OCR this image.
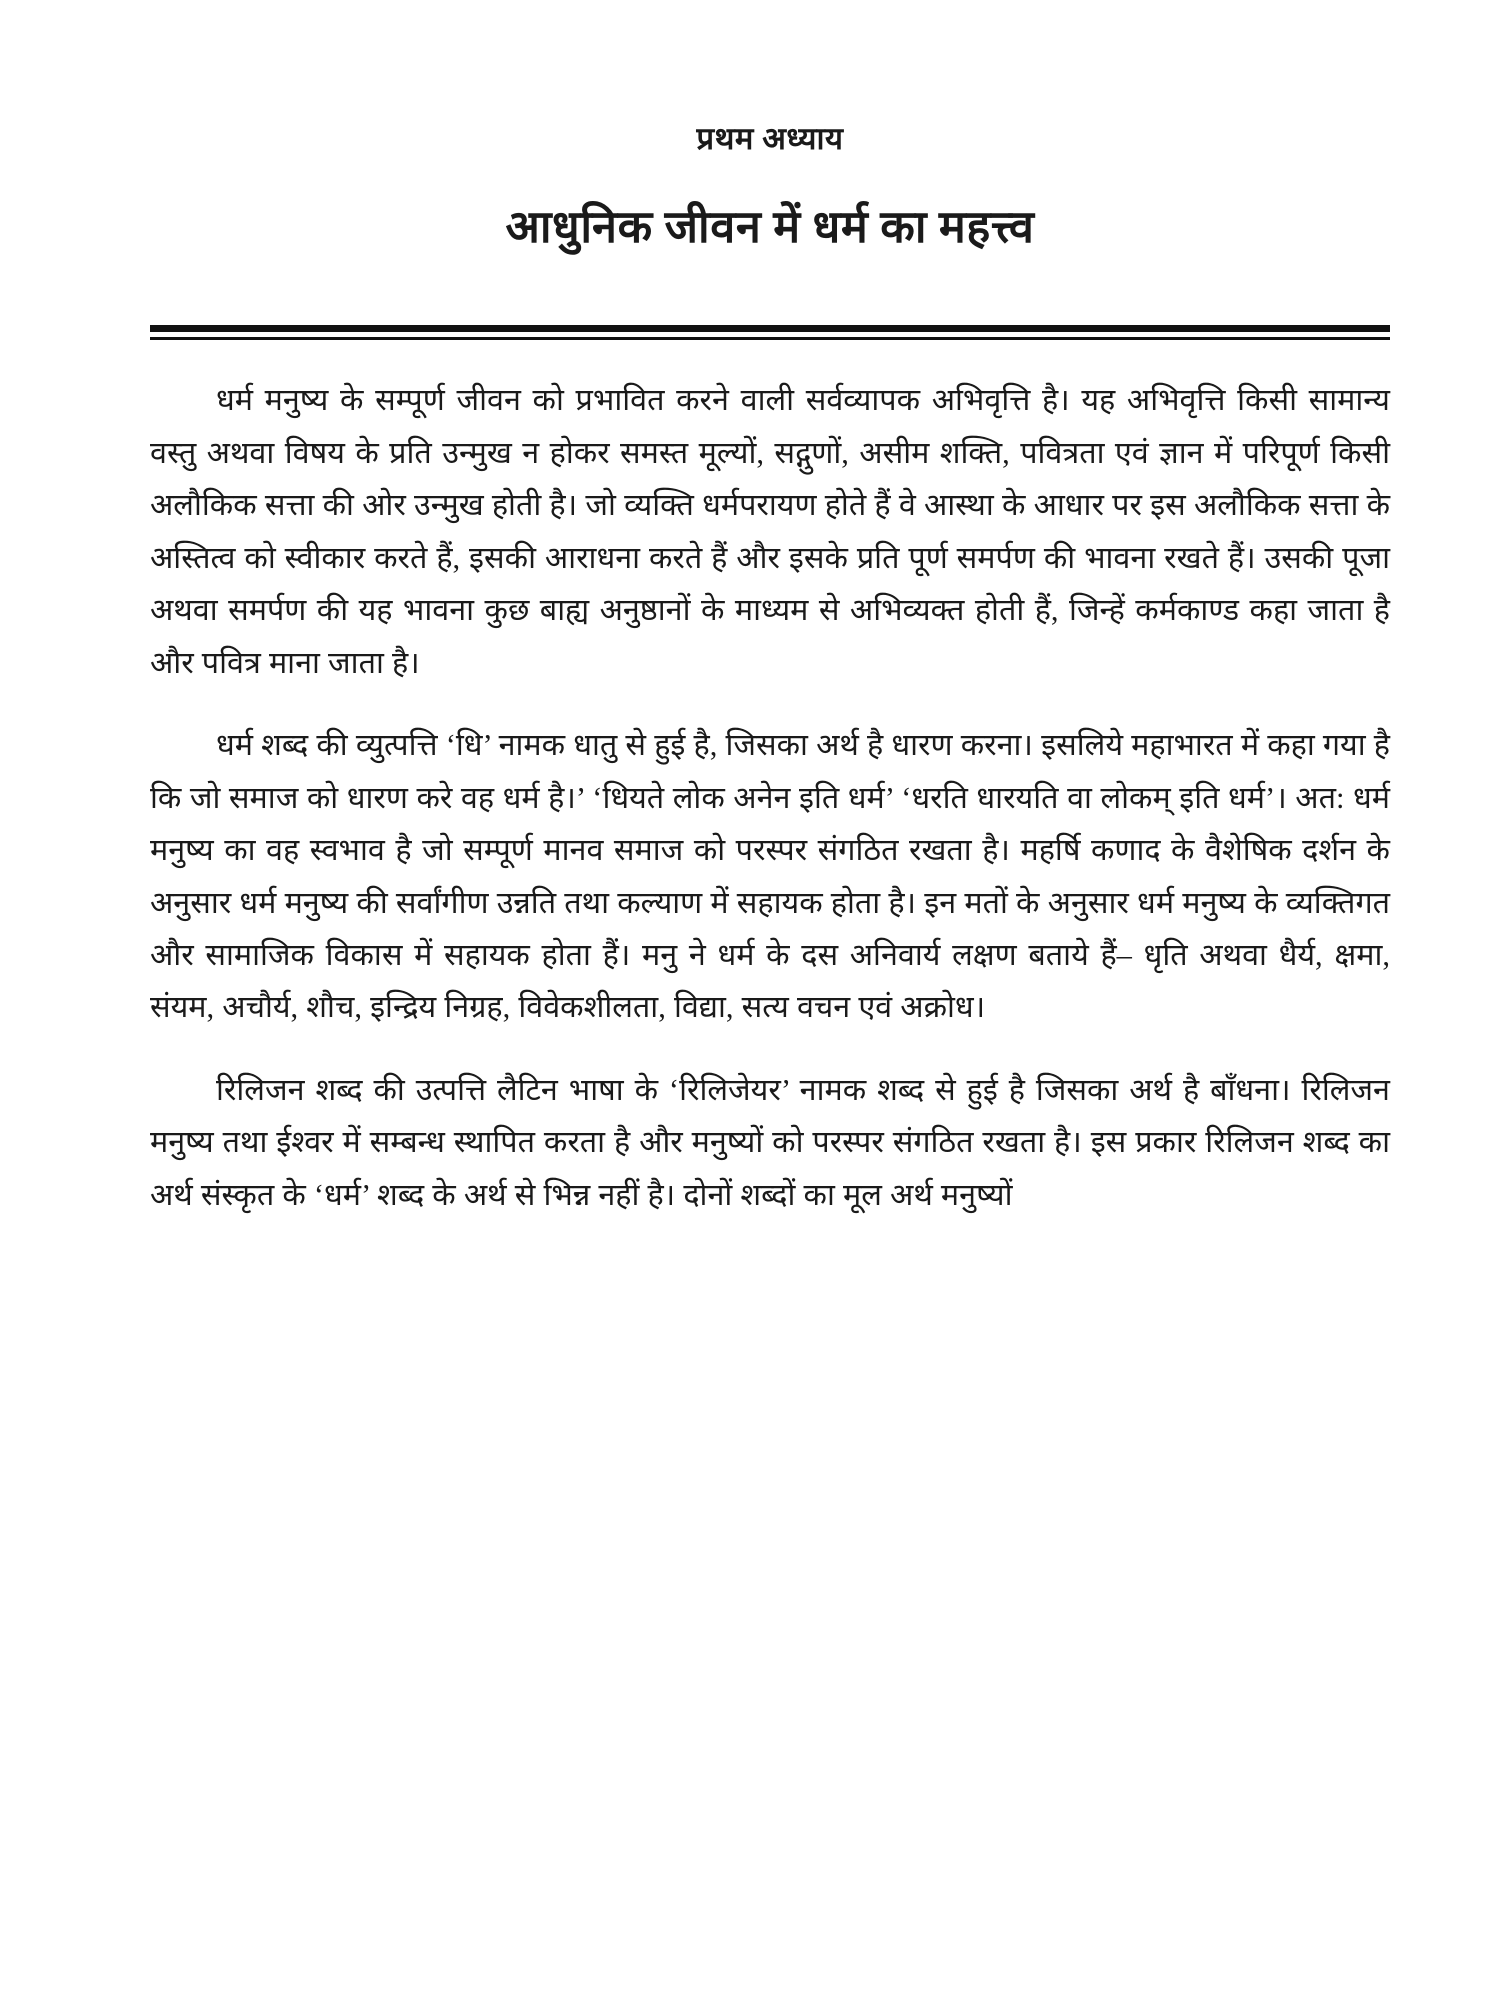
प्रथम अध्याय
आधुनिक जीवन में धर्म का महत्त्व

धर्म मनुष्य के सम्पूर्ण जीवन को प्रभावित करने वाली सर्वव्यापक अभिवृत्ति है। यह अभिवृत्ति किसी सामान्य वस्तु अथवा विषय के प्रति उन्मुख न होकर समस्त मूल्यों, सद्गुणों, असीम शक्ति, पवित्रता एवं ज्ञान में परिपूर्ण किसी अलौकिक सत्ता की ओर उन्मुख होती है। जो व्यक्ति धर्मपरायण होते हैं वे आस्था के आधार पर इस अलौकिक सत्ता के अस्तित्व को स्वीकार करते हैं, इसकी आराधना करते हैं और इसके प्रति पूर्ण समर्पण की भावना रखते हैं। उसकी पूजा अथवा समर्पण की यह भावना कुछ बाह्य अनुष्ठानों के माध्यम से अभिव्यक्त होती हैं, जिन्हें कर्मकाण्ड कहा जाता है और पवित्र माना जाता है।

धर्म शब्द की व्युत्पत्ति ‘धि’ नामक धातु से हुई है, जिसका अर्थ है धारण करना। इसलिये महाभारत में कहा गया है कि जो समाज को धारण करे वह धर्म है।’ ‘धियते लोक अनेन इति धर्म’ ‘धरति धारयति वा लोकम् इति धर्म’। अत: धर्म मनुष्य का वह स्वभाव है जो सम्पूर्ण मानव समाज को परस्पर संगठित रखता है। महर्षि कणाद के वैशेषिक दर्शन के अनुसार धर्म मनुष्य की सर्वांगीण उन्नति तथा कल्याण में सहायक होता है। इन मतों के अनुसार धर्म मनुष्य के व्यक्तिगत और सामाजिक विकास में सहायक होता हैं। मनु ने धर्म के दस अनिवार्य लक्षण बताये हैं– धृति अथवा धैर्य, क्षमा, संयम, अचौर्य, शौच, इन्द्रिय निग्रह, विवेकशीलता, विद्या, सत्य वचन एवं अक्रोध।

रिलिजन शब्द की उत्पत्ति लैटिन भाषा के ‘रिलिजेयर’ नामक शब्द से हुई है जिसका अर्थ है बाँधना। रिलिजन मनुष्य तथा ईश्वर में सम्बन्ध स्थापित करता है और मनुष्यों को परस्पर संगठित रखता है। इस प्रकार रिलिजन शब्द का अर्थ संस्कृत के ‘धर्म’ शब्द के अर्थ से भिन्न नहीं है। दोनों शब्दों का मूल अर्थ मनुष्यों
